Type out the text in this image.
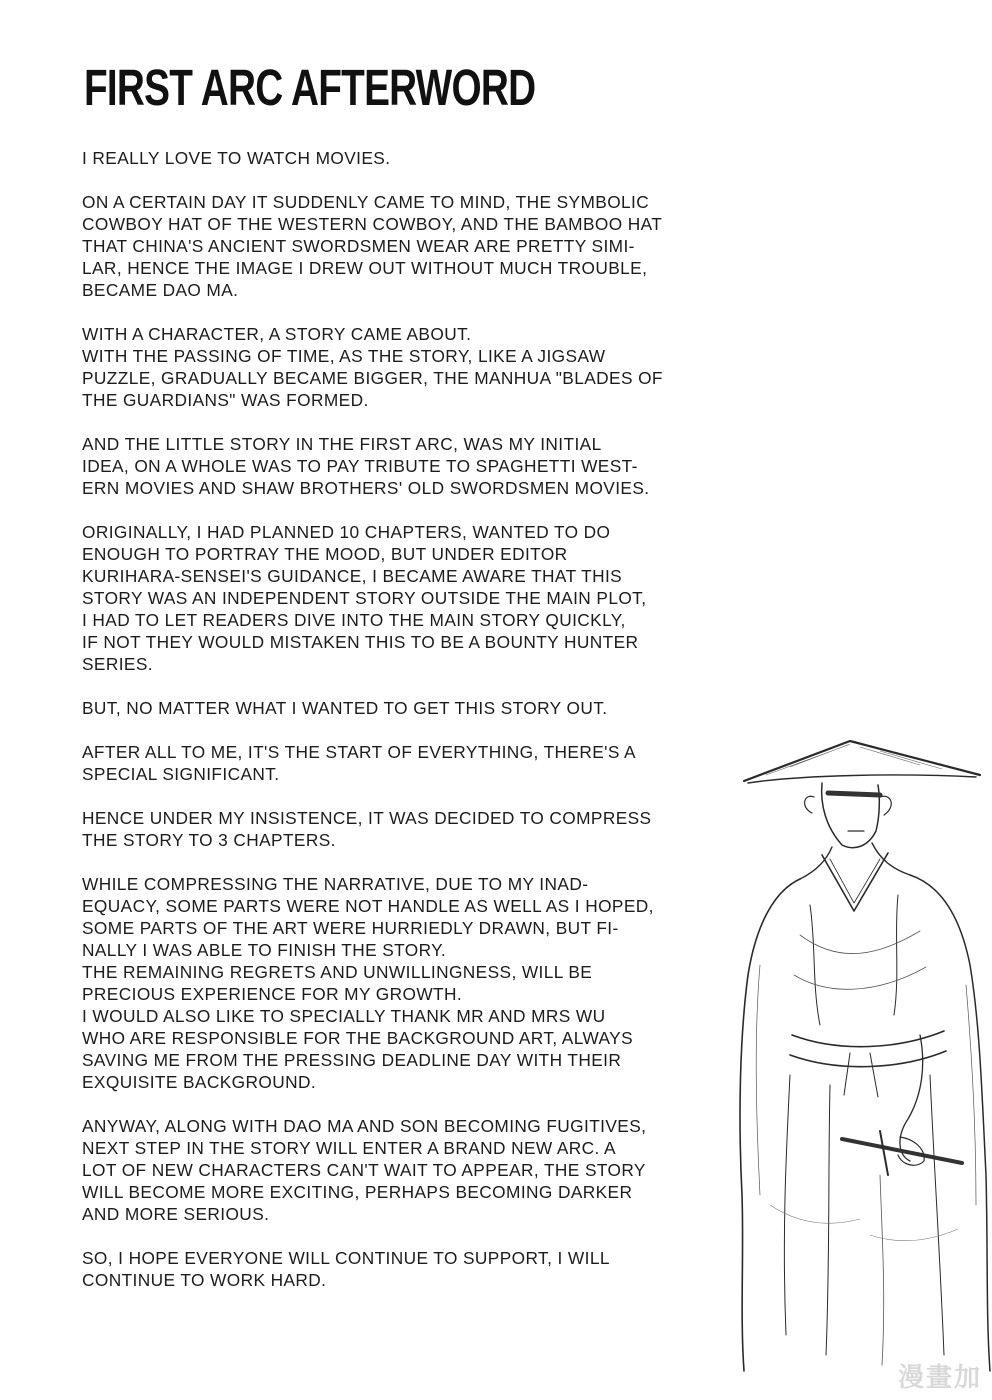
FIRST ARC AFTERWORD
I REALLY LOVE TO WATCH MOVIES.
ON A CERTAIN DAY IT SUDDENLY CAME TO MIND, THE SYMBOLIC
COWBOY HAT OF THE WESTERN COWBOY, AND THE BAMBOO HAT
THAT CHINA'S ANCIENT SWORDSMEN WEAR ARE PRETTY SIMI-
LAR, HENCE THE IMAGE I DREW OUT WITHOUT MUCH TROUBLE,
BECAME DAO MA.
WITH A CHARACTER, A STORY CAME ABOUT.
WITH THE PASSING OF TIME, AS THE STORY, LIKE A JIGSAW
PUZZLE, GRADUALLY BECAME BIGGER, THE MANHUA "BLADES OF
THE GUARDIANS" WAS FORMED.
AND THE LITTLE STORY IN THE FIRST ARC, WAS MY INITIAL
IDEA, ON A WHOLE WAS TO PAY TRIBUTE TO SPAGHETTI WEST-
ERN MOVIES AND SHAW BROTHERS' OLD SWORDSMEN MOVIES.
ORIGINALLY, I HAD PLANNED 10 CHAPTERS, WANTED TO DO
ENOUGH TO PORTRAY THE MOOD, BUT UNDER EDITOR
KURIHARA-SENSEI'S GUIDANCE, I BECAME AWARE THAT THIS
STORY WAS AN INDEPENDENT STORY OUTSIDE THE MAIN PLOT,
I HAD TO LET READERS DIVE INTO THE MAIN STORY QUICKLY,
IF NOT THEY WOULD MISTAKEN THIS TO BE A BOUNTY HUNTER
SERIES.
BUT, NO MATTER WHAT I WANTED TO GET THIS STORY OUT.
AFTER ALL TO ME, IT'S THE START OF EVERYTHING, THERE'S A
SPECIAL SIGNIFICANT.
HENCE UNDER MY INSISTENCE, IT WAS DECIDED TO COMPRESS
THE STORY TO 3 CHAPTERS.
WHILE COMPRESSING THE NARRATIVE, DUE TO MY INAD-
EQUACY, SOME PARTS WERE NOT HANDLE AS WELL AS I HOPED,
SOME PARTS OF THE ART WERE HURRIEDLY DRAWN, BUT FI-
NALLY I WAS ABLE TO FINISH THE STORY.
THE REMAINING REGRETS AND UNWILLINGNESS, WILL BE
PRECIOUS EXPERIENCE FOR MY GROWTH.
I WOULD ALSO LIKE TO SPECIALLY THANK MR AND MRS WU
WHO ARE RESPONSIBLE FOR THE BACKGROUND ART, ALWAYS
SAVING ME FROM THE PRESSING DEADLINE DAY WITH THEIR
EXQUISITE BACKGROUND.
ANYWAY, ALONG WITH DAO MA AND SON BECOMING FUGITIVES,
NEXT STEP IN THE STORY WILL ENTER A BRAND NEW ARC. A
LOT OF NEW CHARACTERS CAN'T WAIT TO APPEAR, THE STORY
WILL BECOME MORE EXCITING, PERHAPS BECOMING DARKER
AND MORE SERIOUS.
SO, I HOPE EVERYONE WILL CONTINUE TO SUPPORT, I WILL
CONTINUE TO WORK HARD.
漫畫加
